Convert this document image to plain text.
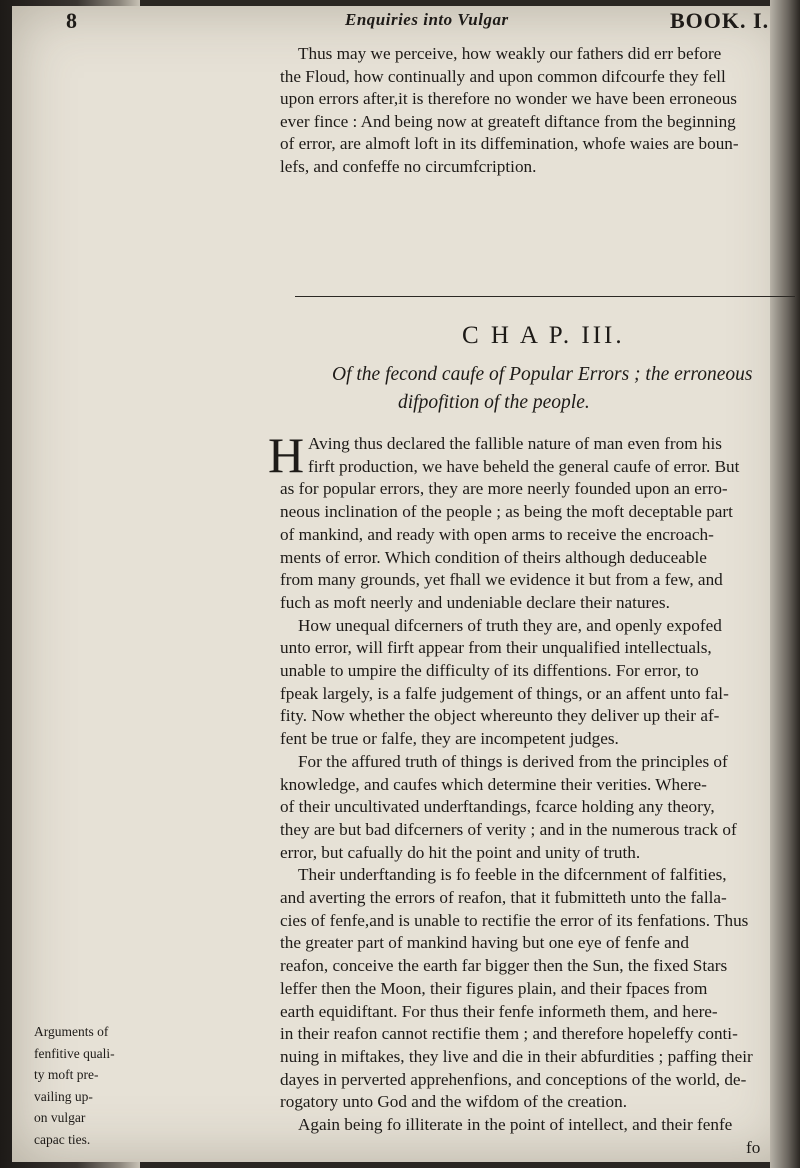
8	Enquiries into Vulgar	BOOK. I.
Thus may we perceive, how weakly our fathers did err before
the Floud, how continually and upon common difcourfe they fell
upon errors after,it is therefore no wonder we have been erroneous
ever fince : And being now at greateft diftance from the beginning
of error, are almoft loft in its diffemination, whofe waies are boun-
lefs, and confeffe no circumfcription.
C H A P. III.
Of the fecond caufe of Popular Errors ; the erroneous
difpofition of the people.
H Aving thus declared the fallible nature of man even from his
firft production, we have beheld the general caufe of error. But
as for popular errors, they are more neerly founded upon an erro-
neous inclination of the people ; as being the moft deceptable part
of mankind, and ready with open arms to receive the encroach-
ments of error. Which condition of theirs although deduceable
from many grounds, yet fhall we evidence it but from a few, and
fuch as moft neerly and undeniable declare their natures.
How unequal difcerners of truth they are, and openly expofed
unto error, will firft appear from their unqualified intellectuals,
unable to umpire the difficulty of its diffentions. For error, to
fpeak largely, is a falfe judgement of things, or an affent unto fal-
fity. Now whether the object whereunto they deliver up their af-
fent be true or falfe, they are incompetent judges.
For the affured truth of things is derived from the principles of
knowledge, and caufes which determine their verities. Where-
of their uncultivated underftandings, fcarce holding any theory,
they are but bad difcerners of verity ; and in the numerous track of
error, but cafually do hit the point and unity of truth.
Their underftanding is fo feeble in the difcernment of falfities,
and averting the errors of reafon, that it fubmitteth unto the falla-
cies of fenfe,and is unable to rectifie the error of its fenfations. Thus
the greater part of mankind having but one eye of fenfe and
reafon, conceive the earth far bigger then the Sun, the fixed Stars
leffer then the Moon, their figures plain, and their fpaces from
earth equidiftant. For thus their fenfe informeth them, and here-
in their reafon cannot rectifie them ; and therefore hopeleffy conti-
nuing in miftakes, they live and die in their abfurdities ; paffing their
dayes in perverted apprehenfions, and conceptions of the world, de-
rogatory unto God and the wifdom of the creation.
Again being fo illiterate in the point of intellect, and their fenfe
fo
Arguments of
fenfitive quali-
ty moft pre-
vailing up-
on vulgar
capac ties.
